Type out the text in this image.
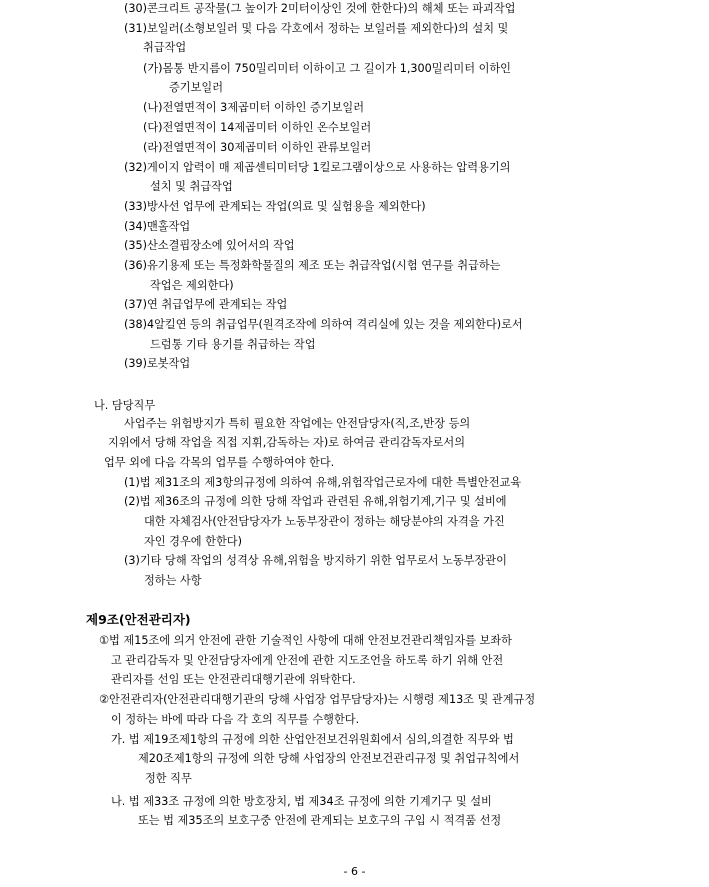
(30)콘크리트 공작물(그 높이가 2미터이상인 것에 한한다)의 해체 또는 파괴작업
(31)보일러(소형보일러 및 다음 각호에서 정하는 보일러를 제외한다)의 설치 및
취급작업
(가)몸통 반지름이 750밀리미터 이하이고 그 길이가 1,300밀리미터 이하인
증기보일러
(나)전열면적이 3제곱미터 이하인 증기보일러
(다)전열면적이 14제곱미터 이하인 온수보일러
(라)전열면적이 30제곱미터 이하인 관류보일러
(32)게이지 압력이 매 제곱센티미터당 1킬로그램이상으로 사용하는 압력용기의
설치 및 취급작업
(33)방사선 업무에 관계되는 작업(의료 및 실험용을 제외한다)
(34)맨홀작업
(35)산소결핍장소에 있어서의 작업
(36)유기용제 또는 특정화학물질의 제조 또는 취급작업(시험 연구를 취급하는
작업은 제외한다)
(37)연 취급업무에 관계되는 작업
(38)4알킬연 등의 취급업무(원격조작에 의하여 격리실에 있는 것을 제외한다)로서
드럼통 기타 용기를 취급하는 작업
(39)로봇작업
나. 담당직무
사업주는 위험방지가 특히 필요한 작업에는 안전담당자(직,조,반장 등의
지위에서 당해 작업을 직접 지휘,감독하는 자)로 하여금 관리감독자로서의
업무 외에 다음 각목의 업무를 수행하여야 한다.
(1)법 제31조의 제3항의규정에 의하여 유해,위험작업근로자에 대한 특별안전교육
(2)법 제36조의 규정에 의한 당해 작업과 관련된 유해,위험기계,기구 및 설비에
대한 자체검사(안전담당자가 노동부장관이 정하는 해당분야의 자격을 가진
자인 경우에 한한다)
(3)기타 당해 작업의 성격상 유해,위험을 방지하기 위한 업무로서 노동부장관이
정하는 사항
제9조(안전관리자)
①법 제15조에 의거 안전에 관한 기술적인 사항에 대해 안전보건관리책임자를 보좌하
고 관리감독자 및 안전담당자에게 안전에 관한 지도조언을 하도록 하기 위해 안전
관리자를 선임 또는 안전관리대행기관에 위탁한다.
②안전관리자(안전관리대행기관의 당해 사업장 업무담당자)는 시행령 제13조 및 관계규정
이 정하는 바에 따라 다음 각 호의 직무를 수행한다.
가. 법 제19조제1항의 규정에 의한 산업안전보건위원회에서 심의,의결한 직무와 법
제20조제1항의 규정에 의한 당해 사업장의 안전보건관리규정 및 취업규칙에서
정한 직무
나. 법 제33조 규정에 의한 방호장치, 법 제34조 규정에 의한 기계기구 및 설비
또는 법 제35조의 보호구중 안전에 관계되는 보호구의 구입 시 적격품 선정
- 6 -
